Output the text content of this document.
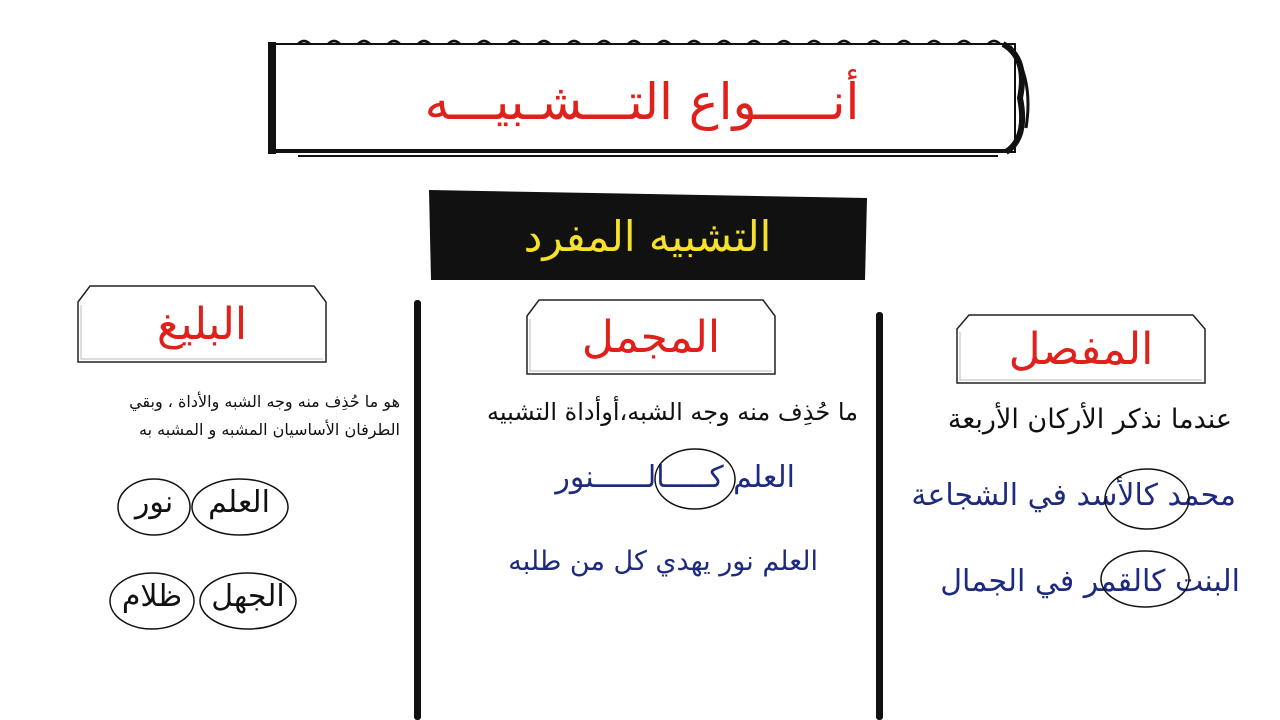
أنـــــواع التـــشـبيـــه
التشبيه المفرد
المفصل
عندما نذكر الأركان الأربعة
محمد كالأسد في الشجاعة
البنت كالقمر في الجمال
المجمل
ما حُذِف منه وجه الشبه،أوأداة التشبيه
العلم كـــــالــــــنور
العلم نور يهدي كل من طلبه
البليغ
هو ما حُذِف منه وجه الشبه والأداة ، وبقي
الطرفان الأساسيان المشبه و المشبه به
نور	العلم
ظلام الجهل
